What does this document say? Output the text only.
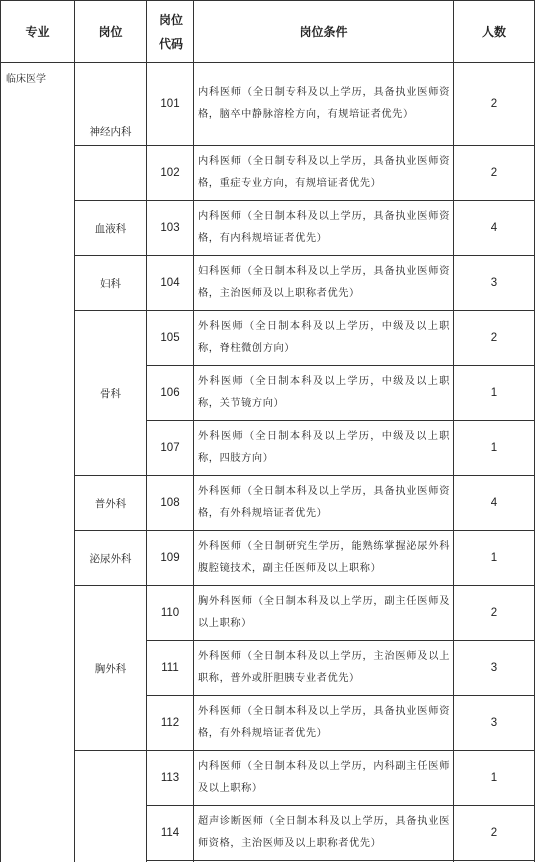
专业	岗位
岗位代码
岗位条件	人数
临床医学
神经内科
血液科
妇科
骨科
普外科
泌尿外科
胸外科
101
内科医师（全日制专科及以上学历，具备执业医师资格，脑卒中静脉溶栓方向，有规培证者优先）
2
102
内科医师（全日制专科及以上学历，具备执业医师资格，重症专业方向，有规培证者优先）
2
103
内科医师（全日制本科及以上学历，具备执业医师资格，有内科规培证者优先）
4
104
妇科医师（全日制本科及以上学历，具备执业医师资格，主治医师及以上职称者优先）
3
105
外科医师（全日制本科及以上学历，中级及以上职称，脊柱微创方向）
2
106
外科医师（全日制本科及以上学历，中级及以上职称，关节镜方向）
1
107
外科医师（全日制本科及以上学历，中级及以上职称，四肢方向）
1
108
外科医师（全日制本科及以上学历，具备执业医师资格，有外科规培证者优先）
4
109
外科医师（全日制研究生学历，能熟练掌握泌尿外科腹腔镜技术，副主任医师及以上职称）
1
110
胸外科医师（全日制本科及以上学历，副主任医师及以上职称）
2
111
外科医师（全日制本科及以上学历，主治医师及以上职称，普外或肝胆胰专业者优先）
3
112
外科医师（全日制本科及以上学历，具备执业医师资格，有外科规培证者优先）
3
113
内科医师（全日制本科及以上学历，内科副主任医师及以上职称）
1
114
超声诊断医师（全日制本科及以上学历，具备执业医师资格，主治医师及以上职称者优先）
2
